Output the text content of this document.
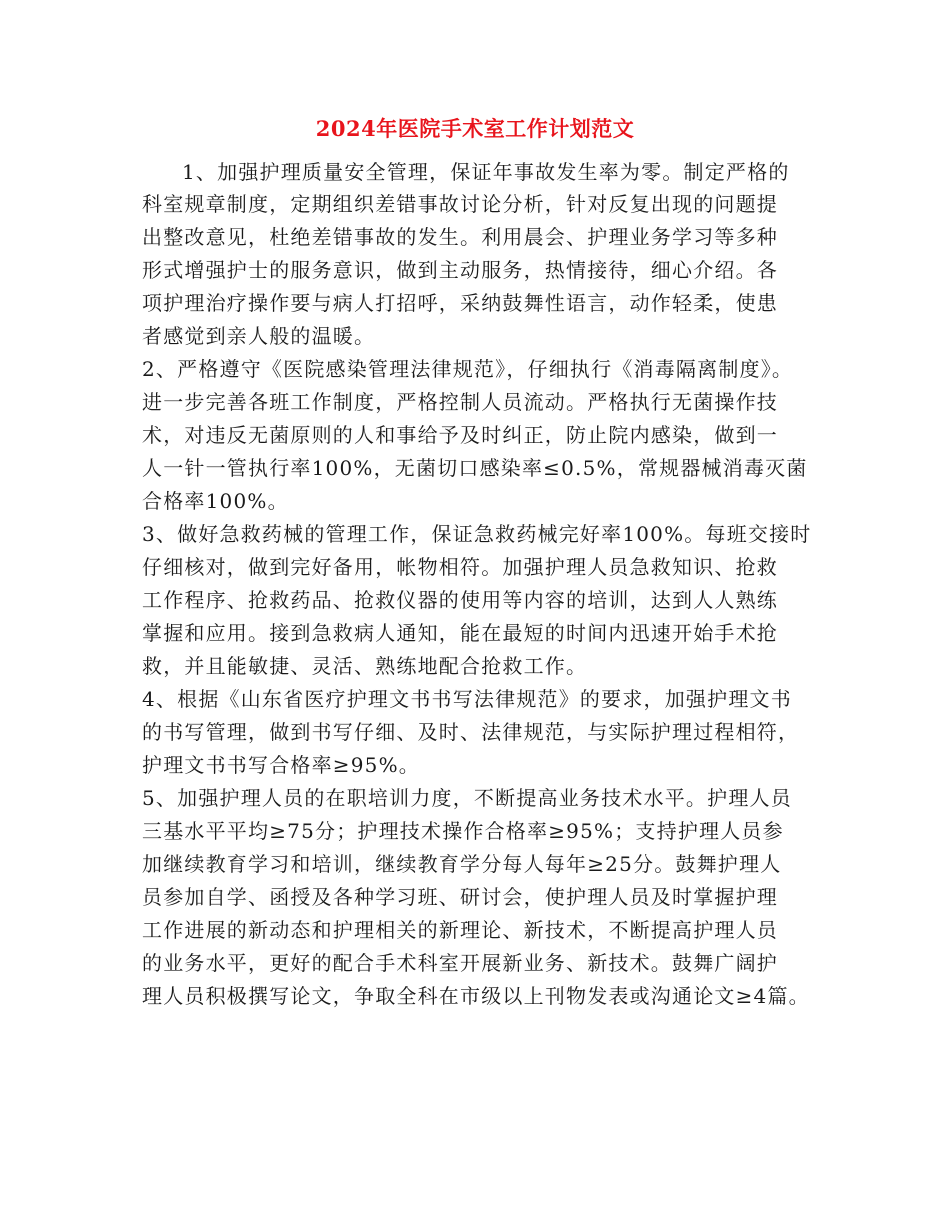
2024年医院手术室工作计划范文
1、加强护理质量安全管理，保证年事故发生率为零。制定严格的
科室规章制度，定期组织差错事故讨论分析，针对反复出现的问题提
出整改意见，杜绝差错事故的发生。利用晨会、护理业务学习等多种
形式增强护士的服务意识，做到主动服务，热情接待，细心介绍。各
项护理治疗操作要与病人打招呼，采纳鼓舞性语言，动作轻柔，使患
者感觉到亲人般的温暖。
2、严格遵守《医院感染管理法律规范》，仔细执行《消毒隔离制度》。
进一步完善各班工作制度，严格控制人员流动。严格执行无菌操作技
术，对违反无菌原则的人和事给予及时纠正，防止院内感染，做到一
人一针一管执行率100%，无菌切口感染率≤0.5%，常规器械消毒灭菌
合格率100%。
3、做好急救药械的管理工作，保证急救药械完好率100%。每班交接时
仔细核对，做到完好备用，帐物相符。加强护理人员急救知识、抢救
工作程序、抢救药品、抢救仪器的使用等内容的培训，达到人人熟练
掌握和应用。接到急救病人通知，能在最短的时间内迅速开始手术抢
救，并且能敏捷、灵活、熟练地配合抢救工作。
4、根据《山东省医疗护理文书书写法律规范》的要求，加强护理文书
的书写管理，做到书写仔细、及时、法律规范，与实际护理过程相符，
护理文书书写合格率≥95%。
5、加强护理人员的在职培训力度，不断提高业务技术水平。护理人员
三基水平平均≥75分；护理技术操作合格率≥95%；支持护理人员参
加继续教育学习和培训，继续教育学分每人每年≥25分。鼓舞护理人
员参加自学、函授及各种学习班、研讨会，使护理人员及时掌握护理
工作进展的新动态和护理相关的新理论、新技术，不断提高护理人员
的业务水平，更好的配合手术科室开展新业务、新技术。鼓舞广阔护
理人员积极撰写论文，争取全科在市级以上刊物发表或沟通论文≥4篇。
